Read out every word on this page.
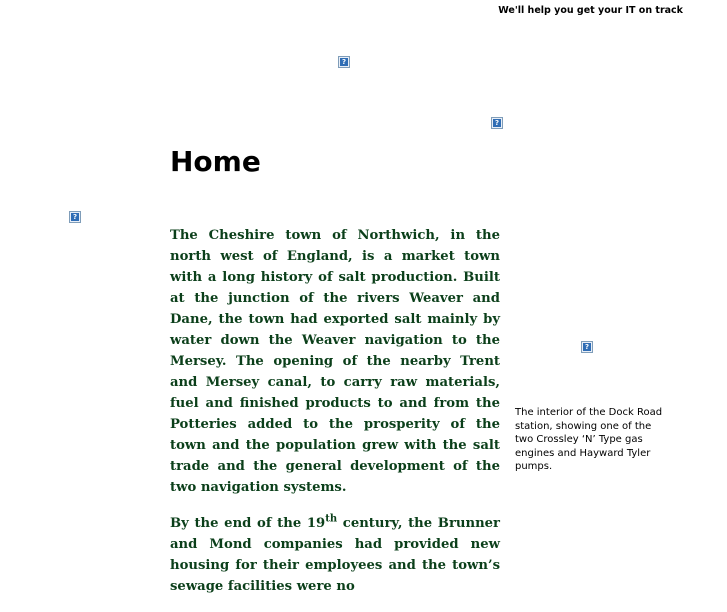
We'll help you get your IT on track
?
?
?
?
Home

The Cheshire town of Northwich, in the north west of England, is a market town with a long history of salt production. Built at the junction of the rivers Weaver and Dane, the town had exported salt mainly by water down the Weaver navigation to the Mersey. The opening of the nearby Trent and Mersey canal, to carry raw materials, fuel and finished products to and from the Potteries added to the prosperity of the town and the population grew with the salt trade and the general development of the two navigation systems.

By the end of the 19th century, the Brunner and Mond companies had provided new housing for their employees and the town’s sewage facilities were no

The interior of the Dock Road station, showing one of the two Crossley ‘N’ Type gas engines and Hayward Tyler pumps.
